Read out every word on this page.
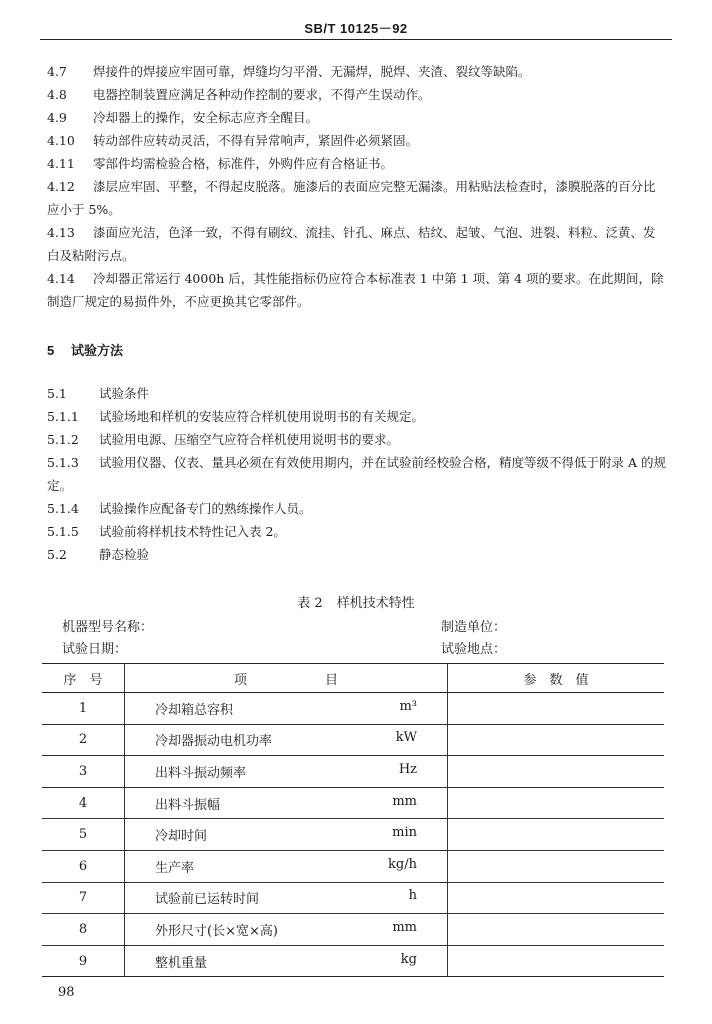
SB/T 10125－92

4.7 焊接件的焊接应牢固可靠，焊缝均匀平滑、无漏焊，脱焊、夹渣、裂纹等缺陷。

4.8 电器控制装置应满足各种动作控制的要求，不得产生误动作。

4.9 冷却器上的操作，安全标志应齐全醒目。

4.10 转动部件应转动灵活，不得有异常响声，紧固件必须紧固。

4.11 零部件均需检验合格，标准件，外购件应有合格证书。

4.12 漆层应牢固、平整，不得起皮脱落。施漆后的表面应完整无漏漆。用粘贴法检查时，漆膜脱落的百分比应小于 5%。

4.13 漆面应光洁，色泽一致，不得有刷纹、流挂、针孔、麻点、桔纹、起皱、气泡、进裂、料粒、泛黄、发白及粘附污点。

4.14 冷却器正常运行 4000h 后，其性能指标仍应符合本标准表 1 中第 1 项、第 4 项的要求。在此期间，除制造厂规定的易损件外，不应更换其它零部件。

5 试验方法

5.1	试验条件

5.1.1 试验场地和样机的安装应符合样机使用说明书的有关规定。

5.1.2 试验用电源、压缩空气应符合样机使用说明书的要求。

5.1.3 试验用仪器、仪表、量具必须在有效使用期内，并在试验前经校验合格，精度等级不得低于附录 A 的规定。

5.1.4 试验操作应配备专门的熟练操作人员。

5.1.5 试验前将样机技术特性记入表 2。

5.2	静态检验

表 2 样机技术特性
机器型号名称：	制造单位：
试验日期：	试验地点：
序　号	项　　　　　　目	参　数　值
1	冷却箱总容积 m³	

2	冷却器振动电机功率 kW	

3	出料斗振动频率 Hz	

4	出料斗振幅 mm	

5	冷却时间 min	

6	生产率 kg/h	

7	试验前已运转时间 h	

8	外形尺寸(长×宽×高) mm	

9	整机重量 kg	

98
